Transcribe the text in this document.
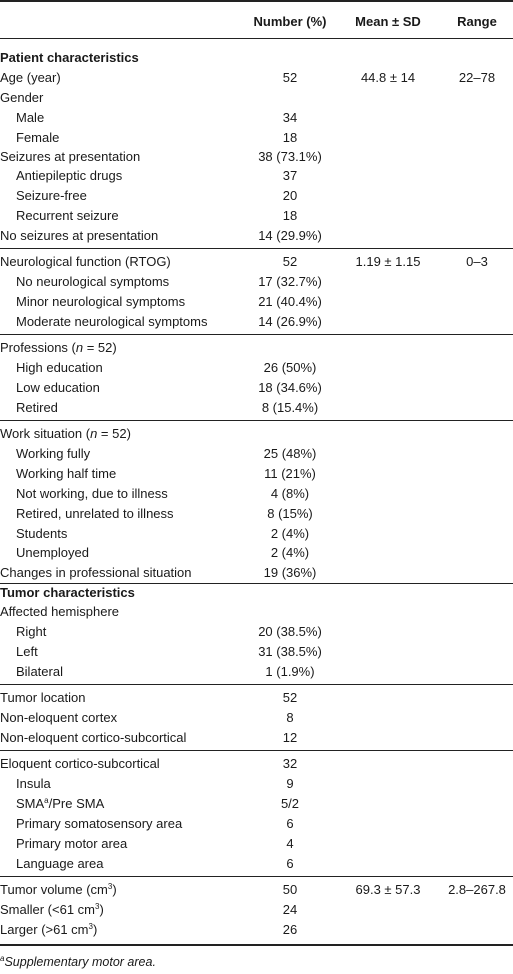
Number (%)	Mean ± SD	Range
Patient characteristics
Age (year)	52	44.8 ± 14	22–78
Gender
Male	34
Female	18
Seizures at presentation	38 (73.1%)
Antiepileptic drugs	37
Seizure-free	20
Recurrent seizure	18
No seizures at presentation	14 (29.9%)
Neurological function (RTOG)	52	1.19 ± 1.15	0–3
No neurological symptoms	17 (32.7%)
Minor neurological symptoms	21 (40.4%)
Moderate neurological symptoms	14 (26.9%)
Professions (n = 52)
High education	26 (50%)
Low education	18 (34.6%)
Retired	8 (15.4%)
Work situation (n = 52)
Working fully	25 (48%)
Working half time	11 (21%)
Not working, due to illness	4 (8%)
Retired, unrelated to illness	8 (15%)
Students	2 (4%)
Unemployed	2 (4%)
Changes in professional situation	19 (36%)
Tumor characteristics
Affected hemisphere
Right	20 (38.5%)
Left	31 (38.5%)
Bilateral	1 (1.9%)
Tumor location	52
Non-eloquent cortex	8
Non-eloquent cortico-subcortical	12
Eloquent cortico-subcortical	32
Insula	9
SMA$^a$/Pre SMA	5/2
Primary somatosensory area	6
Primary motor area	4
Language area	6
Tumor volume $(cm^3)$	50	69.3 ± 57.3	2.8–267.8
Smaller (<61 $cm^3$)	24
Larger (>61 $cm^3$)	26
$^a$Supplementary motor area.
